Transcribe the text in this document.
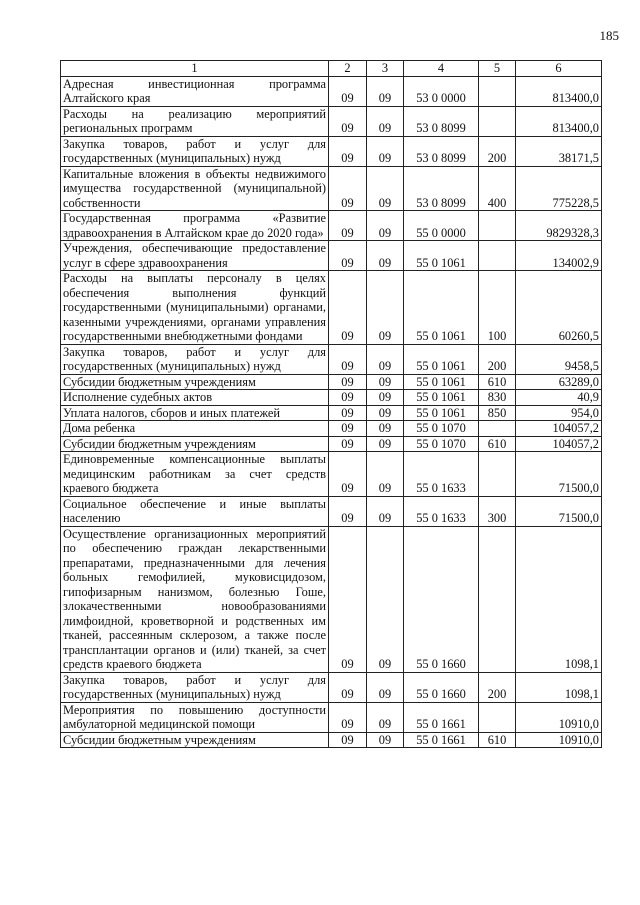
185
1	2	3	4	5	6
Адресная инвестиционная программа Алтайского края	09	09	53 0 0000		813400,0
Расходы на реализацию мероприятий региональных программ	09	09	53 0 8099		813400,0
Закупка товаров, работ и услуг для государственных (муниципальных) нужд	09	09	53 0 8099	200	38171,5
Капитальные вложения в объекты недвижимого имущества государственной (муниципальной) собственности	09	09	53 0 8099	400	775228,5
Государственная программа «Развитие здравоохранения в Алтайском крае до 2020 года»	09	09	55 0 0000		9829328,3
Учреждения, обеспечивающие предоставление услуг в сфере здравоохранения	09	09	55 0 1061		134002,9
Расходы на выплаты персоналу в целях обеспечения выполнения функций государственными (муниципальными) органами, казенными учреждениями, органами управления государственными внебюджетными фондами	09	09	55 0 1061	100	60260,5
Закупка товаров, работ и услуг для государственных (муниципальных) нужд	09	09	55 0 1061	200	9458,5
Субсидии бюджетным учреждениям	09	09	55 0 1061	610	63289,0
Исполнение судебных актов	09	09	55 0 1061	830	40,9
Уплата налогов, сборов и иных платежей	09	09	55 0 1061	850	954,0
Дома ребенка	09	09	55 0 1070		104057,2
Субсидии бюджетным учреждениям	09	09	55 0 1070	610	104057,2
Единовременные компенсационные выплаты медицинским работникам за счет средств краевого бюджета	09	09	55 0 1633		71500,0
Социальное обеспечение и иные выплаты населению	09	09	55 0 1633	300	71500,0
Осуществление организационных мероприятий по обеспечению граждан лекарственными препаратами, предназначенными для лечения больных гемофилией, муковисцидозом, гипофизарным нанизмом, болезнью Гоше, злокачественными новообразованиями лимфоидной, кроветворной и родственных им тканей, рассеянным склерозом, а также после трансплантации органов и (или) тканей, за счет средств краевого бюджета	09	09	55 0 1660		1098,1
Закупка товаров, работ и услуг для государственных (муниципальных) нужд	09	09	55 0 1660	200	1098,1
Мероприятия по повышению доступности амбулаторной медицинской помощи	09	09	55 0 1661		10910,0
Субсидии бюджетным учреждениям	09	09	55 0 1661	610	10910,0
